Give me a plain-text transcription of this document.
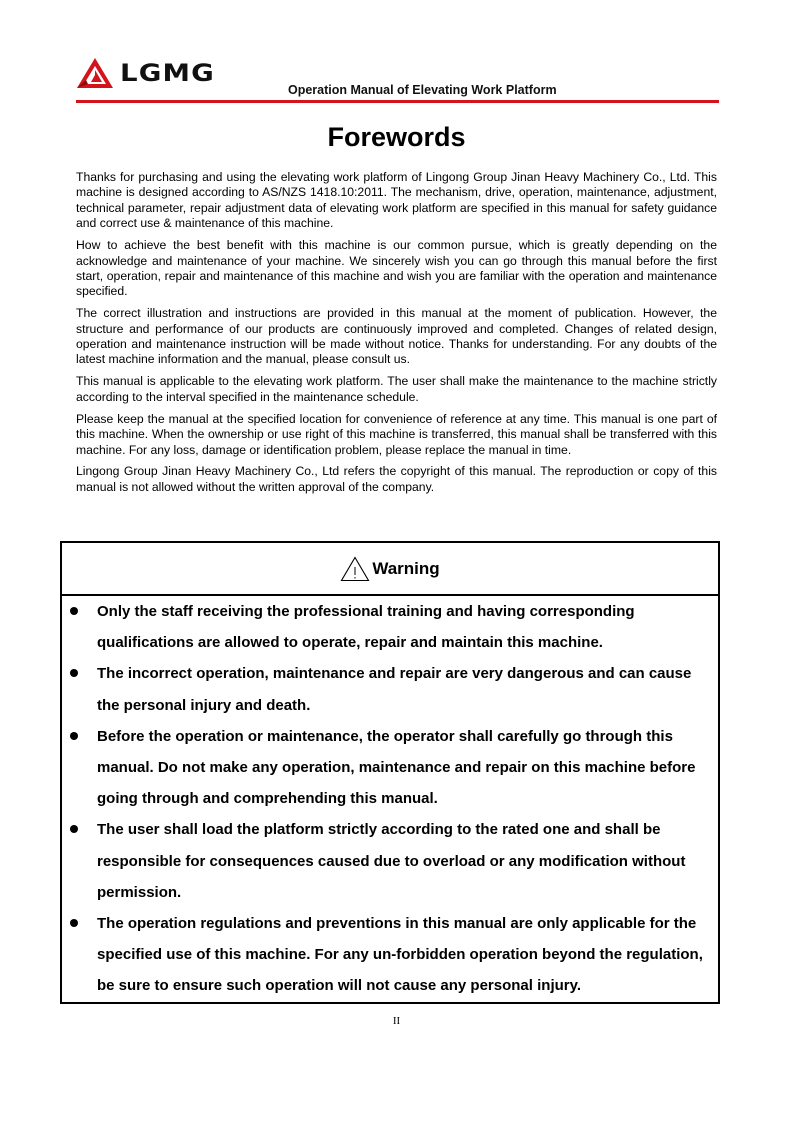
LGMG
Operation Manual of Elevating Work Platform
Forewords

Thanks for purchasing and using the elevating work platform of Lingong Group Jinan Heavy Machinery Co., Ltd. This machine is designed according to AS/NZS 1418.10:2011. The mechanism, drive, operation, maintenance, adjustment, technical parameter, repair adjustment data of elevating work platform are specified in this manual for safety guidance and correct use & maintenance of this machine.

How to achieve the best benefit with this machine is our common pursue, which is greatly depending on the acknowledge and maintenance of your machine. We sincerely wish you can go through this manual before the first start, operation, repair and maintenance of this machine and wish you are familiar with the operation and maintenance specified.

The correct illustration and instructions are provided in this manual at the moment of publication. However, the structure and performance of our products are continuously improved and completed. Changes of related design, operation and maintenance instruction will be made without notice. Thanks for understanding. For any doubts of the latest machine information and the manual, please consult us.

This manual is applicable to the elevating work platform. The user shall make the maintenance to the machine strictly according to the interval specified in the maintenance schedule.

Please keep the manual at the specified location for convenience of reference at any time. This manual is one part of this machine. When the ownership or use right of this machine is transferred, this manual shall be transferred with this machine. For any loss, damage or identification problem, please replace the manual in time.

Lingong Group Jinan Heavy Machinery Co., Ltd refers the copyright of this manual. The reproduction or copy of this manual is not allowed without the written approval of the company.

Warning
Only the staff receiving the professional training and having corresponding qualifications are allowed to operate, repair and maintain this machine.
The incorrect operation, maintenance and repair are very dangerous and can cause the personal injury and death.
Before the operation or maintenance, the operator shall carefully go through this manual. Do not make any operation, maintenance and repair on this machine before going through and comprehending this manual.
The user shall load the platform strictly according to the rated one and shall be responsible for consequences caused due to overload or any modification without permission.
The operation regulations and preventions in this manual are only applicable for the specified use of this machine. For any un-forbidden operation beyond the regulation, be sure to ensure such operation will not cause any personal injury.
II
